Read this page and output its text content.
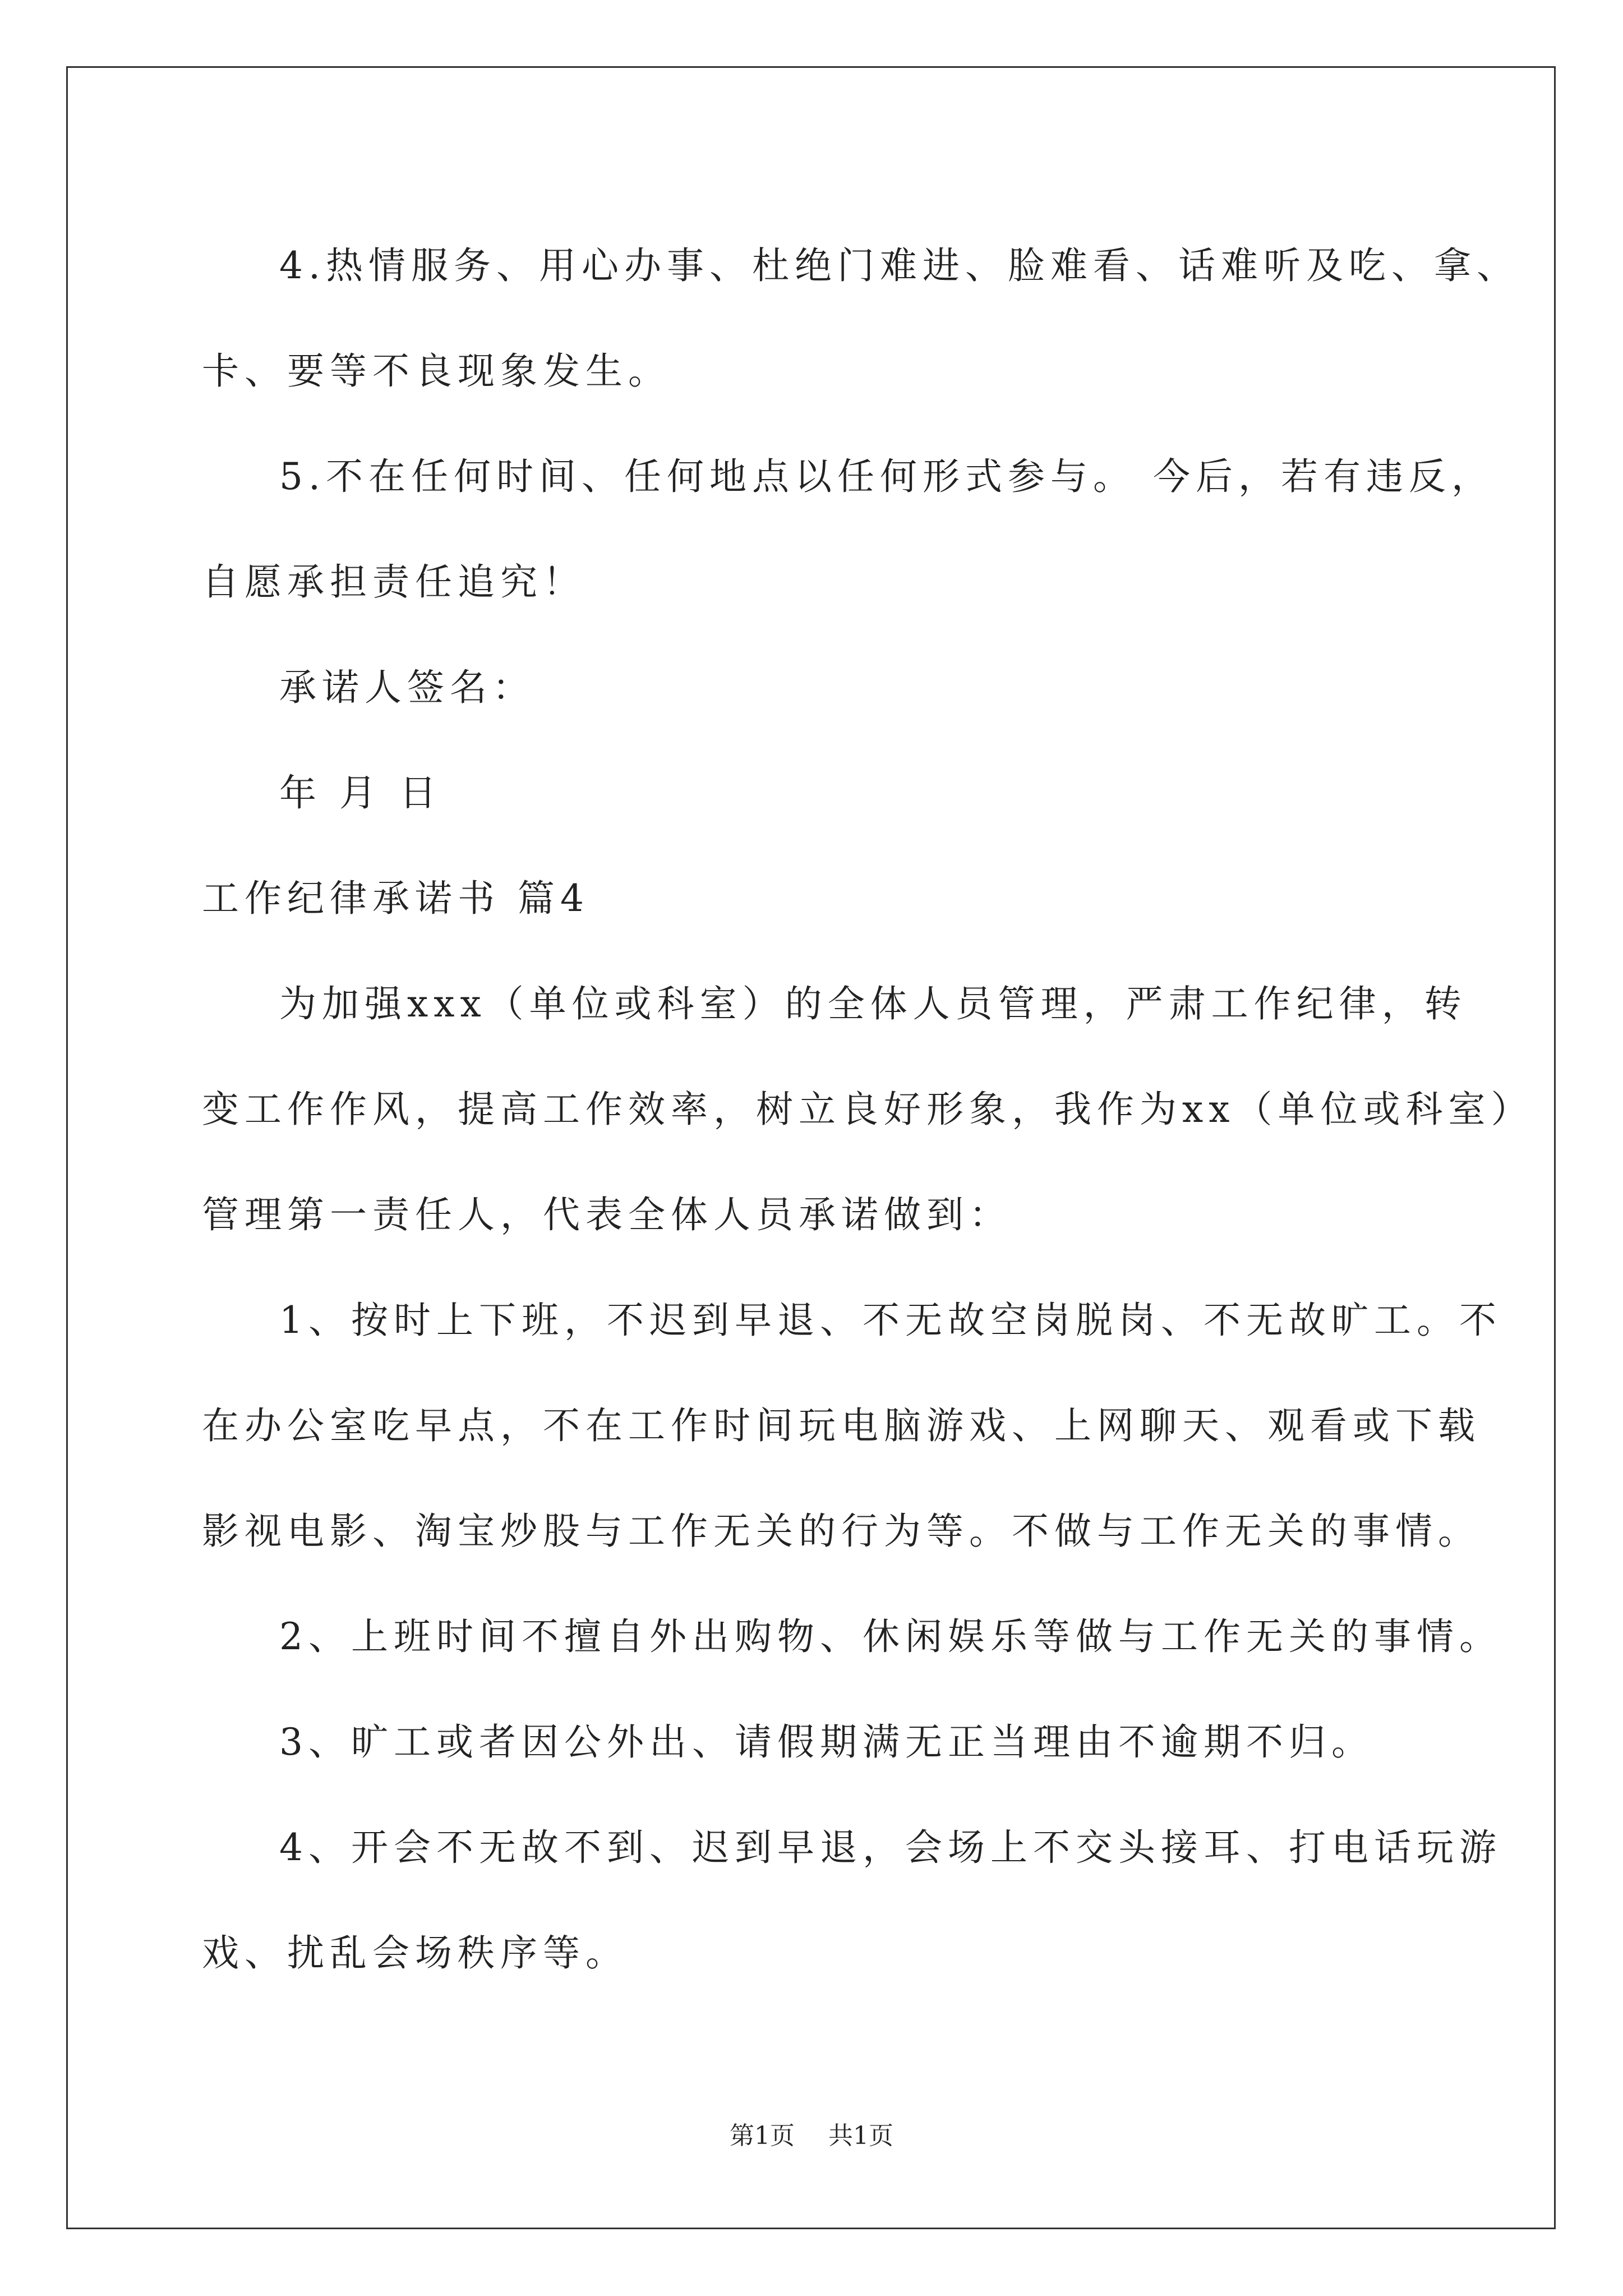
4.热情服务、用心办事、杜绝门难进、脸难看、话难听及吃、拿、

卡、要等不良现象发生。

5.不在任何时间、任何地点以任何形式参与。 今后，若有违反，

自愿承担责任追究！

承诺人签名：

年 月 日

工作纪律承诺书 篇4

为加强xxx（单位或科室）的全体人员管理，严肃工作纪律，转

变工作作风，提高工作效率，树立良好形象，我作为xx（单位或科室）

管理第一责任人，代表全体人员承诺做到：

1、按时上下班，不迟到早退、不无故空岗脱岗、不无故旷工。不

在办公室吃早点，不在工作时间玩电脑游戏、上网聊天、观看或下载

影视电影、淘宝炒股与工作无关的行为等。不做与工作无关的事情。

2、上班时间不擅自外出购物、休闲娱乐等做与工作无关的事情。

3、旷工或者因公外出、请假期满无正当理由不逾期不归。

4、开会不无故不到、迟到早退，会场上不交头接耳、打电话玩游

戏、扰乱会场秩序等。

第1页 共1页
